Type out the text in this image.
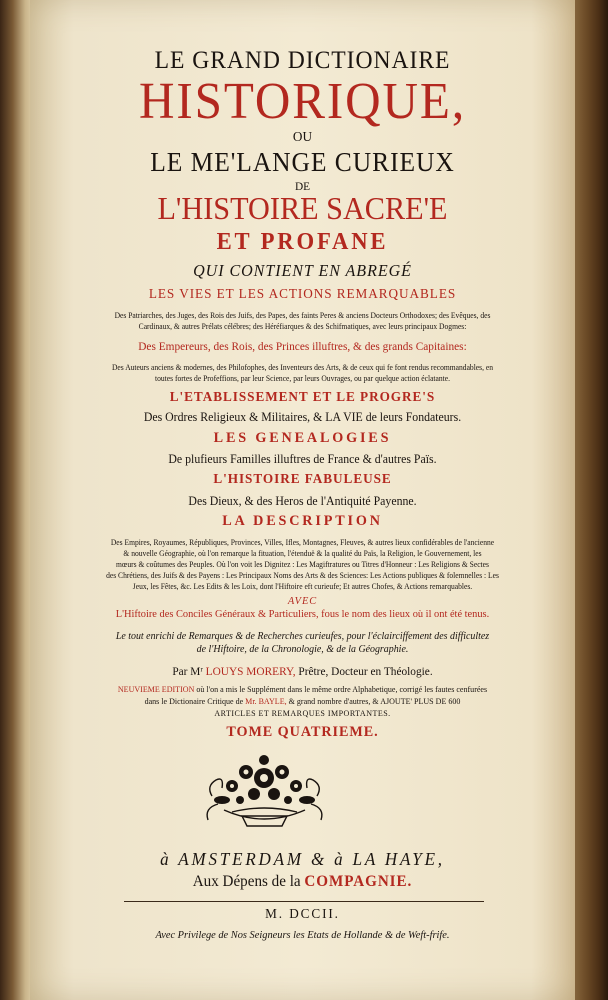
LE GRAND DICTIONAIRE
HISTORIQUE,
OU
LE ME'LANGE CURIEUX
DE
L'HISTOIRE SACRE'E
ET PROFANE
QUI CONTIENT EN ABREGÉ
LES VIES ET LES ACTIONS REMARQUABLES
Des Patriarches, des Juges, des Rois des Juifs, des Papes, des faints Peres & anciens Docteurs Orthodoxes; des Evêques, des
Cardinaux, & autres Prélats célébres; des Héréfiarques & des Schifmatiques, avec leurs principaux Dogmes:
Des Empereurs, des Rois, des Princes illuftres, & des grands Capitaines:
Des Auteurs anciens & modernes, des Philofophes, des Inventeurs des Arts, & de ceux qui fe font rendus recommandables, en
toutes fortes de Profeffions, par leur Science, par leurs Ouvrages, ou par quelque action éclatante.
L'ETABLISSEMENT ET LE PROGRE'S
Des Ordres Religieux & Militaires, & LA VIE de leurs Fondateurs.
LES GENEALOGIES
De plufieurs Familles illuftres de France & d'autres Païs.
L'HISTOIRE FABULEUSE
Des Dieux, & des Heros de l'Antiquité Payenne.
LA DESCRIPTION
Des Empires, Royaumes, Républiques, Provinces, Villes, Ifles, Montagnes, Fleuves, & autres lieux confidérables de l'ancienne
& nouvelle Géographie, où l'on remarque la fituation, l'étenduë & la qualité du Païs, la Religion, le Gouvernement, les
mœurs & coûtumes des Peuples. Où l'on voit les Dignitez : Les Magiftratures ou Titres d'Honneur : Les Religions & Sectes
des Chrétiens, des Juifs & des Payens : Les Principaux Noms des Arts & des Sciences: Les Actions publiques & folemnelles : Les
Jeux, les Fêtes, &c. Les Edits & les Loix, dont l'Hiftoire eft curieufe; Et autres Chofes, & Actions remarquables.
AVEC
L'Hiftoire des Conciles Généraux & Particuliers, fous le nom des lieux où il ont été tenus.
Le tout enrichi de Remarques & de Recherches curieufes, pour l'éclairciffement des difficultez
de l'Hiftoire, de la Chronologie, & de la Géographie.
Par Mʳ LOUYS MORERY, Prêtre, Docteur en Théologie.
NEUVIEME EDITION où l'on a mis le Supplément dans le même ordre Alphabetique, corrigé les fautes cenfurées
dans le Dictionaire Critique de Mr. BAYLE, & grand nombre d'autres, & AJOUTE' PLUS DE 600
ARTICLES ET REMARQUES IMPORTANTES.
TOME QUATRIEME.
à AMSTERDAM & à LA HAYE,
Aux Dépens de la COMPAGNIE.
M. DCCII.
Avec Privilege de Nos Seigneurs les Etats de Hollande & de Weft-frife.
